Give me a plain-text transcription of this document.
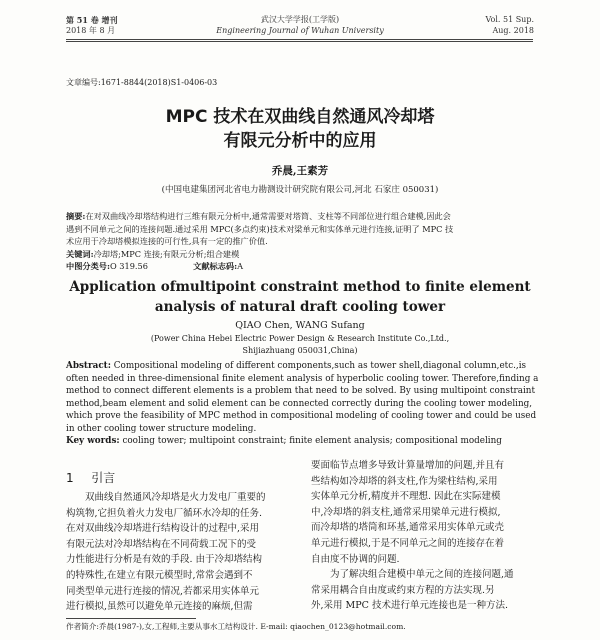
第 51 卷 增刊
2018 年 8 月
武汉大学学报(工学版)
Engineering Journal of Wuhan University
Vol. 51 Sup.
Aug. 2018
文章编号:1671-8844(2018)S1-0406-03
MPC 技术在双曲线自然通风冷却塔
有限元分析中的应用
乔晨,王素芳
(中国电建集团河北省电力勘测设计研究院有限公司,河北 石家庄 050031)
摘要:在对双曲线冷却塔结构进行三维有限元分析中,通常需要对塔筒、支柱等不同部位进行组合建模,因此会
遇到不同单元之间的连接问题.通过采用 MPC(多点约束)技术对梁单元和实体单元进行连接,证明了 MPC 技
术应用于冷却塔模拟连接的可行性,具有一定的推广价值.
关键词:冷却塔;MPC 连接;有限元分析;组合建模
中图分类号:O 319.56	文献标志码:A
Application ofmultipoint constraint method to finite element
analysis of natural draft cooling tower
QIAO Chen, WANG Sufang
(Power China Hebei Electric Power Design & Research Institute Co.,Ltd.,
Shijiazhuang 050031,China)
Abstract: Compositional modeling of different components,such as tower shell,diagonal column,etc.,is
often needed in three-dimensional finite element analysis of hyperbolic cooling tower. Therefore,finding a
method to connect different elements is a problem that need to be solved. By using multipoint constraint
method,beam element and solid element can be connected correctly during the cooling tower modeling,
which prove the feasibility of MPC method in compositional modeling of cooling tower and could be used
in other cooling tower structure modeling.
Key words: cooling tower; multipoint constraint; finite element analysis; compositional modeling
1 引言
双曲线自然通风冷却塔是火力发电厂重要的
构筑物,它担负着火力发电厂循环水冷却的任务.
在对双曲线冷却塔进行结构设计的过程中,采用
有限元法对冷却塔结构在不同荷载工况下的受
力性能进行分析是有效的手段. 由于冷却塔结构
的特殊性,在建立有限元模型时,常常会遇到不
同类型单元进行连接的情况,若都采用实体单元
进行模拟,虽然可以避免单元连接的麻烦,但需
要面临节点增多导致计算量增加的问题,并且有
些结构如冷却塔的斜支柱,作为梁柱结构,采用
实体单元分析,精度并不理想. 因此在实际建模
中,冷却塔的斜支柱,通常采用梁单元进行模拟,
而冷却塔的塔筒和环基,通常采用实体单元或壳
单元进行模拟,于是不同单元之间的连接存在着
自由度不协调的问题.
为了解决组合建模中单元之间的连接问题,通
常采用耦合自由度或约束方程的方法实现.另
外,采用 MPC 技术进行单元连接也是一种方法.
作者简介:乔晨(1987-),女,工程师,主要从事水工结构设计. E-mail: qiaochen_0123@hotmail.com.
